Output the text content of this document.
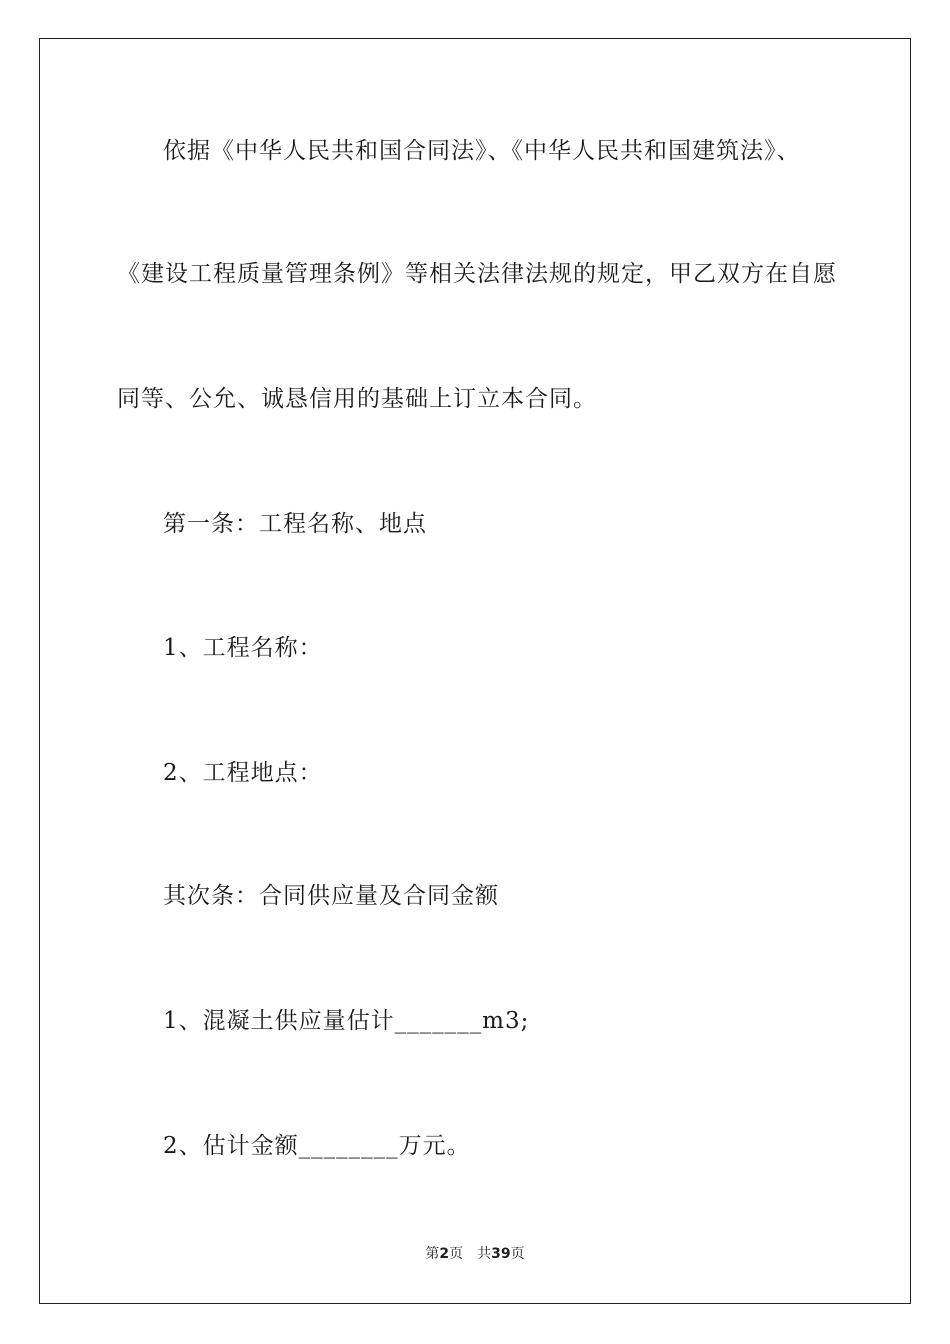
依据《中华人民共和国合同法》、《中华人民共和国建筑法》、
《建设工程质量管理条例》等相关法律法规的规定，甲乙双方在自愿
同等、公允、诚恳信用的基础上订立本合同。
第一条：工程名称、地点
1、工程名称：
2、工程地点：
其次条：合同供应量及合同金额
1、混凝土供应量估计_______m3;
2、估计金额________万元。
第2页 共39页
